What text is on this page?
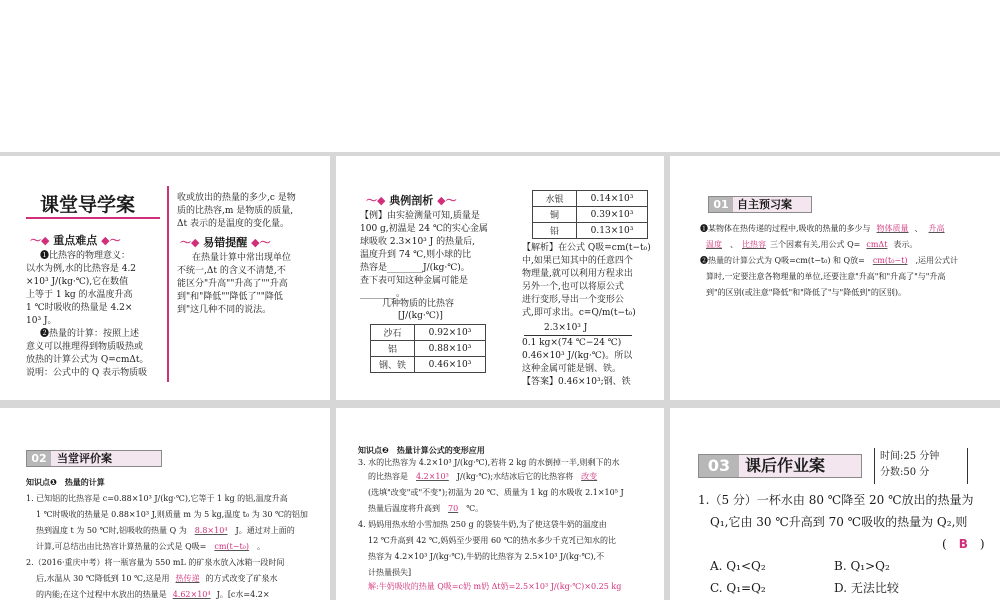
课堂导学案
〜◆ 重点难点 ◆〜
❶比热容的物理意义：
以水为例,水的比热容是 4.2
×10³ J/(kg·℃),它在数值
上等于 1 kg 的水温度升高
1 ℃时吸收的热量是 4.2×
10³ J。
❷热量的计算：按照上述
意义可以推理得到物质吸热或
放热的计算公式为 Q=cmΔt。
说明：公式中的 Q 表示物质吸
收或放出的热量的多少,c 是物
质的比热容,m 是物质的质量,
Δt 表示的是温度的变化量。
〜◆ 易错提醒 ◆〜
在热量计算中常出现单位
不统一,Δt 的含义不清楚,不
能区分"升高""升高了""升高
到"和"降低""降低了""降低
到"这几种不同的说法。
〜◆ 典例剖析 ◆〜
【例】由实验测量可知,质量是
100 g,初温是 24 ℃的实心金属
球吸收 2.3×10³ J 的热量后,
温度升到 74 ℃,则小球的比
热容是________J/(kg·℃)。
查下表可知这种金属可能是
________。
几种物质的比热容
[J/(kg·℃)]
沙石	0.92×10³
铝	0.88×10³
钢、铁	0.46×10³
水银	0.14×10³
铜	0.39×10³
铅	0.13×10³
【解析】在公式 Q吸=cm(t−t₀)
中,如果已知其中的任意四个
物理量,就可以利用方程求出
另外一个,也可以将原公式
进行变形,导出一个变形公
式,即可求出。c=Q/m(t−t₀)
2.3×10³ J
0.1 kg×(74 ℃−24 ℃)
0.46×10³ J/(kg·℃)。所以
这种金属可能是钢、铁。
【答案】0.46×10³;钢、铁
01 自主预习案
❶某物体在热传递的过程中,吸收的热量的多少与 物体质量 、 升高
温度 、 比热容 三个因素有关,用公式 Q= cmΔt 表示。
❷热量的计算公式为 Q吸=cm(t−t₀) 和 Q放= cm(t₀−t) ,运用公式计
算时,一定要注意各物理量的单位,还要注意"升高"和"升高了"与"升高
到"的区别(或注意"降低"和"降低了"与"降低到"的区别)。
02 当堂评价案
知识点❶　热量的计算
1. 已知铝的比热容是 c=0.88×10³ J/(kg·℃),它等于 1 kg 的铝,温度升高
1 ℃时吸收的热量是 0.88×10³ J,则质量 m 为 5 kg,温度 t₀ 为 30 ℃的铝加
热到温度 t 为 50 ℃时,铝吸收的热量 Q 为 8.8×10⁴ J。通过对上面的
计算,可总结出由比热容计算热量的公式是 Q吸= cm(t−t₀) 。
2.（2016·重庆中考）将一瓶容量为 550 mL 的矿泉水放入冰箱一段时间
后,水温从 30 ℃降低到 10 ℃,这是用 热传递 的方式改变了矿泉水
的内能;在这个过程中水放出的热量是 4.62×10⁴ J。[c水=4.2×
知识点❷　热量计算公式的变形应用
3. 水的比热容为 4.2×10³ J/(kg·℃),若将 2 kg 的水倒掉一半,则剩下的水
的比热容是 4.2×10³ J/(kg·℃);水结冰后它的比热容将 改变
(选填"改变"或"不变");初温为 20 ℃、质量为 1 kg 的水吸收 2.1×10⁵ J
热量后温度将升高到 70 ℃。
4. 妈妈用热水给小雪加热 250 g 的袋装牛奶,为了使这袋牛奶的温度由
12 ℃升高到 42 ℃,妈妈至少要用 60 ℃的热水多少千克?[已知水的比
热容为 4.2×10³ J/(kg·℃),牛奶的比热容为 2.5×10³ J/(kg·℃),不
计热量损失]
解:牛奶吸收的热量 Q吸=c奶 m奶 Δt奶=2.5×10³ J/(kg·℃)×0.25 kg
03 课后作业案	时间:25 分钟
分数:50 分
1.（5 分）一杯水由 80 ℃降至 20 ℃放出的热量为
Q₁,它由 30 ℃升高到 70 ℃吸收的热量为 Q₂,则
( B )
A. Q₁<Q₂	B. Q₁>Q₂
C. Q₁=Q₂	D. 无法比较
